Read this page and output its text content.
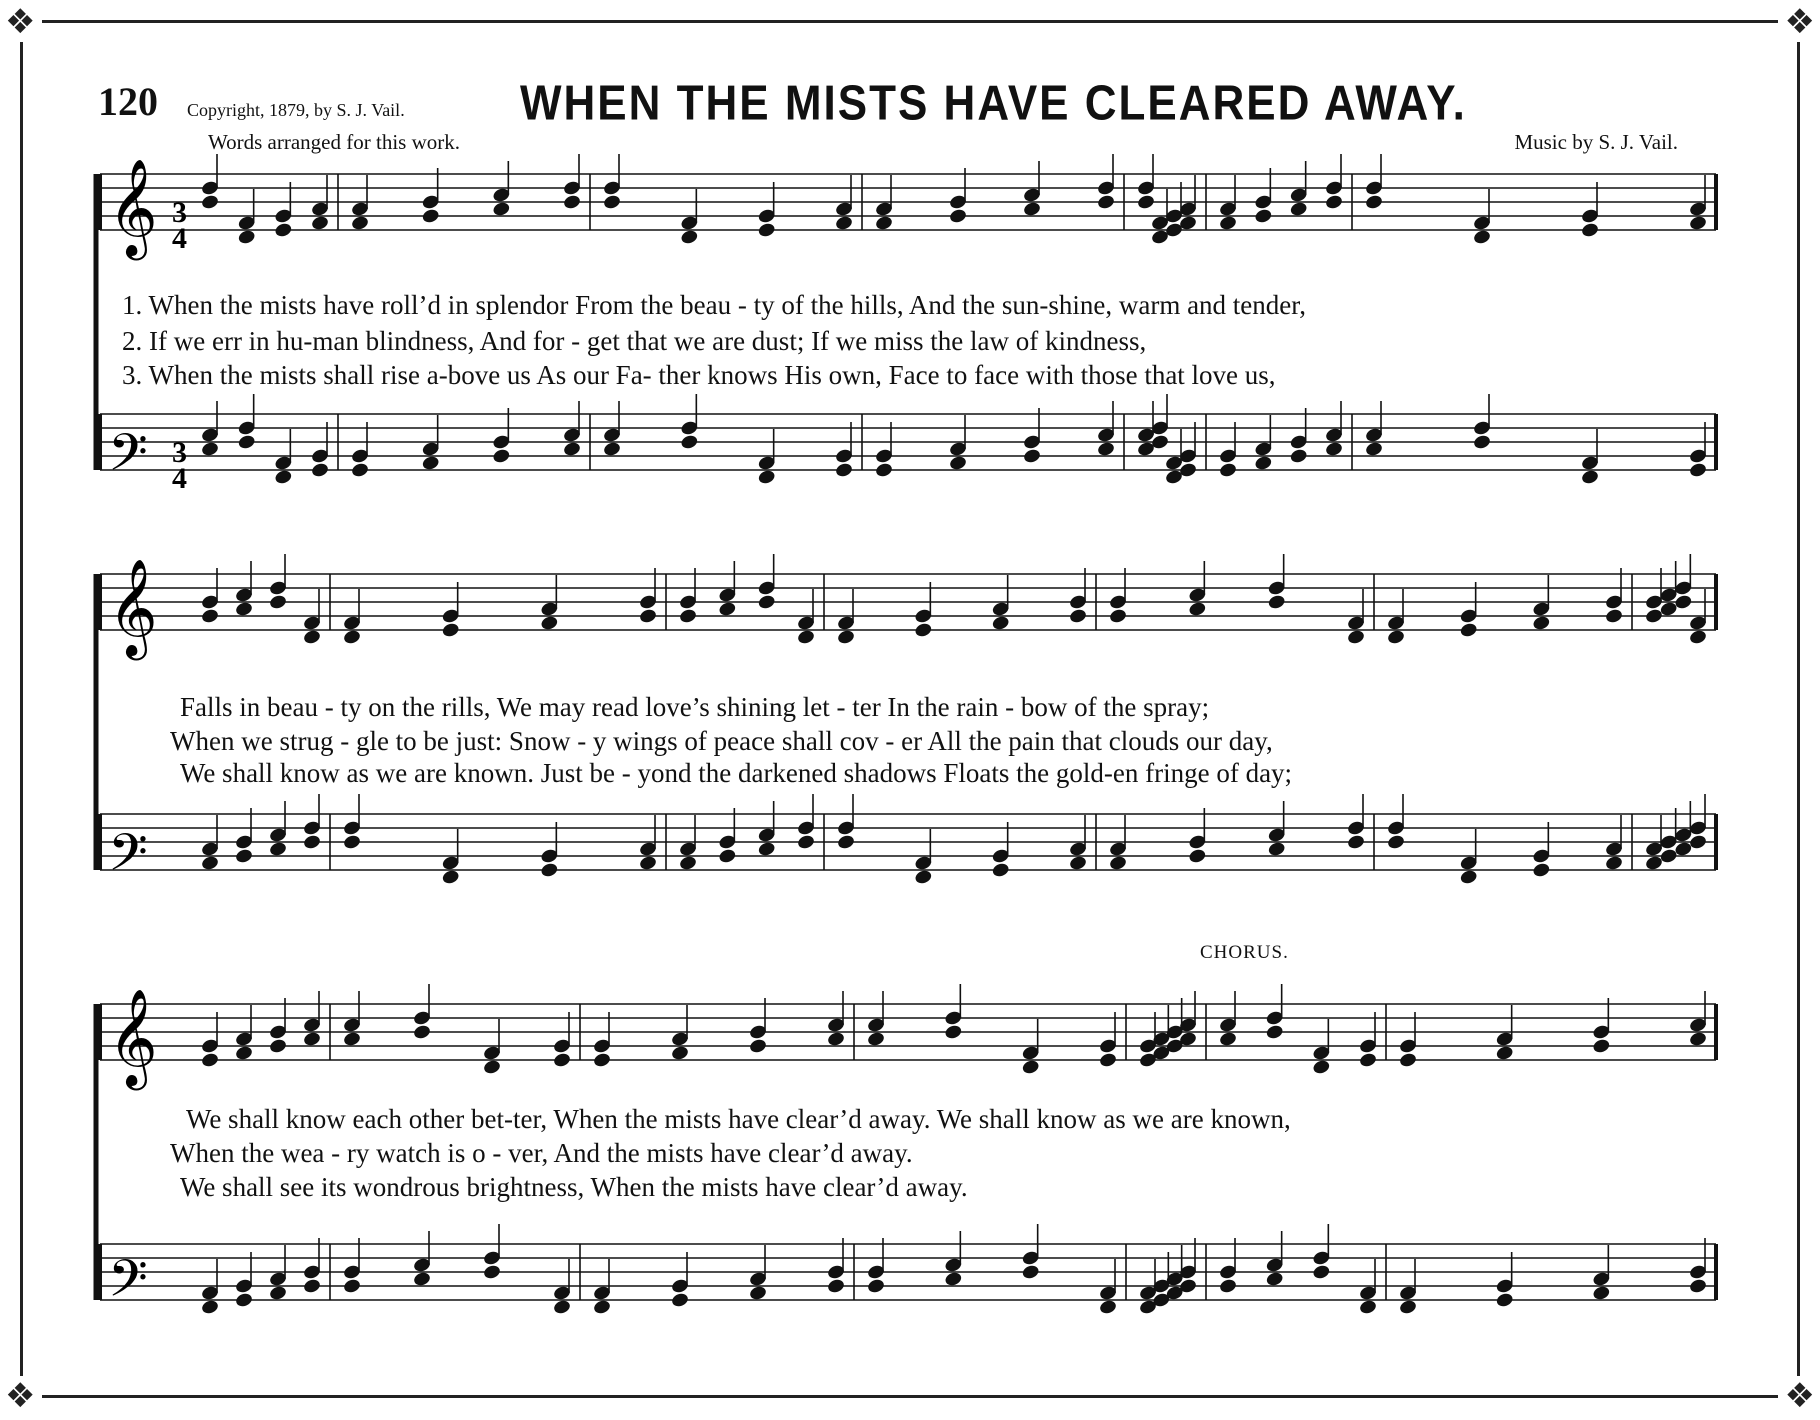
❖	❖
❖	❖
120 Copyright, 1879, by S. J. Vail.	WHEN THE MISTS HAVE CLEARED AWAY.
Words arranged for this work.	Music by S. J. Vail.
𝄞
𝄢
𝄞
𝄢
𝄞
𝄢
3
4
3
4
1. When the mists have roll’d in splendor From the beau - ty of the hills, And the sun-shine, warm and tender,
2. If we err in hu-man blindness, And for - get that we are dust; If we miss the law of kindness,
3. When the mists shall rise a-bove us As our Fa- ther knows His own, Face to face with those that love us,
Falls in beau - ty on the rills, We may read love’s shining let - ter In the rain - bow of the spray;
When we strug - gle to be just: Snow - y wings of peace shall cov - er All the pain that clouds our day,
We shall know as we are known. Just be - yond the darkened shadows Floats the gold-en fringe of day;
CHORUS.
We shall know each other bet-ter, When the mists have clear’d away. We shall know as we are known,
When the wea - ry watch is o - ver, And the mists have clear’d away.
We shall see its wondrous brightness, When the mists have clear’d away.
